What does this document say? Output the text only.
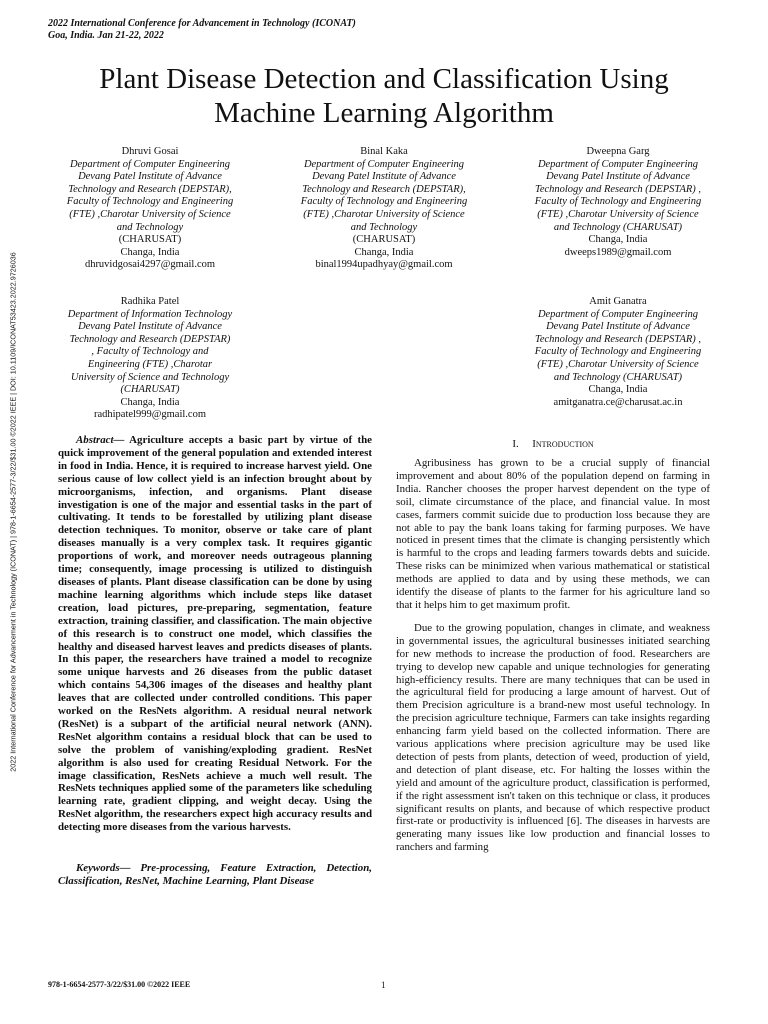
2022 International Conference for Advancement in Technology (ICONAT) | 978-1-6654-2577-3/22/$31.00 ©2022 IEEE | DOI: 10.1109/ICONAT53423.2022.9726036
2022 International Conference for Advancement in Technology (ICONAT)
Goa, India. Jan 21-22, 2022
Plant Disease Detection and Classification Using
Machine Learning Algorithm
Dhruvi Gosai
Department of Computer Engineering
Devang Patel Institute of Advance
Technology and Research (DEPSTAR),
Faculty of Technology and Engineering
(FTE) ,Charotar University of Science
and Technology
(CHARUSAT)
Changa, India
dhruvidgosai4297@gmail.com
Binal Kaka
Department of Computer Engineering
Devang Patel Institute of Advance
Technology and Research (DEPSTAR),
Faculty of Technology and Engineering
(FTE) ,Charotar University of Science
and Technology
(CHARUSAT)
Changa, India
binal1994upadhyay@gmail.com
Dweepna Garg
Department of Computer Engineering
Devang Patel Institute of Advance
Technology and Research (DEPSTAR) ,
Faculty of Technology and Engineering
(FTE) ,Charotar University of Science
and Technology (CHARUSAT)
Changa, India
dweeps1989@gmail.com
Radhika Patel
Department of Information Technology
Devang Patel Institute of Advance
Technology and Research (DEPSTAR)
, Faculty of Technology and
Engineering (FTE) ,Charotar
University of Science and Technology
(CHARUSAT)
Changa, India
radhipatel999@gmail.com
Amit Ganatra
Department of Computer Engineering
Devang Patel Institute of Advance
Technology and Research (DEPSTAR) ,
Faculty of Technology and Engineering
(FTE) ,Charotar University of Science
and Technology (CHARUSAT)
Changa, India
amitganatra.ce@charusat.ac.in

Abstract— Agriculture accepts a basic part by virtue of the quick improvement of the general population and extended interest in food in India. Hence, it is required to increase harvest yield. One serious cause of low collect yield is an infection brought about by microorganisms, infection, and organisms. Plant disease investigation is one of the major and essential tasks in the part of cultivating. It tends to be forestalled by utilizing plant disease detection techniques. To monitor, observe or take care of plant diseases manually is a very complex task. It requires gigantic proportions of work, and moreover needs outrageous planning time; consequently, image processing is utilized to distinguish diseases of plants. Plant disease classification can be done by using machine learning algorithms which include steps like dataset creation, load pictures, pre-preparing, segmentation, feature extraction, training classifier, and classification. The main objective of this research is to construct one model, which classifies the healthy and diseased harvest leaves and predicts diseases of plants. In this paper, the researchers have trained a model to recognize some unique harvests and 26 diseases from the public dataset which contains 54,306 images of the diseases and healthy plant leaves that are collected under controlled conditions. This paper worked on the ResNets algorithm. A residual neural network (ResNet) is a subpart of the artificial neural network (ANN). ResNet algorithm contains a residual block that can be used to solve the problem of vanishing/exploding gradient. ResNet algorithm is also used for creating Residual Network. For the image classification, ResNets achieve a much well result. The ResNets techniques applied some of the parameters like scheduling learning rate, gradient clipping, and weight decay. Using the ResNet algorithm, the researchers expect high accuracy results and detecting more diseases from the various harvests.

Keywords— Pre-processing, Feature Extraction, Detection, Classification, ResNet, Machine Learning, Plant Disease

I. Introduction

Agribusiness has grown to be a crucial supply of financial improvement and about 80% of the population depend on farming in India. Rancher chooses the proper harvest dependent on the type of soil, climate circumstance of the place, and financial value. In most cases, farmers commit suicide due to production loss because they are not able to pay the bank loans taking for farming purposes. We have noticed in present times that the climate is changing persistently which is harmful to the crops and leading farmers towards debts and suicide. These risks can be minimized when various mathematical or statistical methods are applied to data and by using these methods, we can identify the disease of plants to the farmer for his agriculture land so that it helps him to get maximum profit.

Due to the growing population, changes in climate, and weakness in governmental issues, the agricultural businesses initiated searching for new methods to increase the production of food. Researchers are trying to develop new capable and unique technologies for generating high-efficiency results. There are many techniques that can be used in the agricultural field for producing a large amount of harvest. Out of them Precision agriculture is a brand-new most useful technology. In the precision agriculture technique, Farmers can take insights regarding enhancing farm yield based on the collected information. There are various applications where precision agriculture may be used like detection of pests from plants, detection of weed, production of yield, and detection of plant disease, etc. For halting the losses within the yield and amount of the agriculture product, classification is performed, if the right assessment isn't taken on this technique or class, it produces significant results on plants, and because of which respective product first-rate or productivity is influenced [6]. The diseases in harvests are generating many issues like low production and financial losses to ranchers and farming

978-1-6654-2577-3/22/$31.00 ©2022 IEEE	1
